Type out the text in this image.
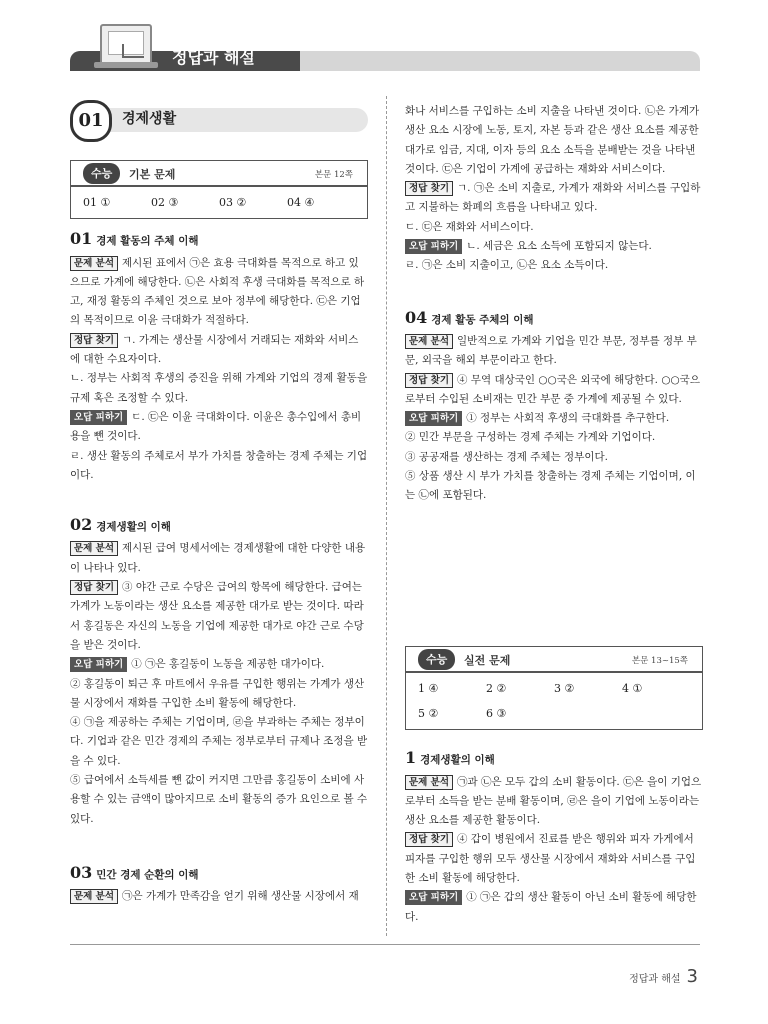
정답과 해설
01	경제생활
수능	기본 문제	본문 12쪽
01 ①	02 ③	03 ②	04 ④
01 경제 활동의 주체 이해

문제 분석 제시된 표에서 ㉠은 효용 극대화를 목적으로 하고 있으므로 가계에 해당한다. ㉡은 사회적 후생 극대화를 목적으로 하고, 재정 활동의 주체인 것으로 보아 정부에 해당한다. ㉢은 기업의 목적이므로 이윤 극대화가 적절하다.

정답 찾기 ㄱ. 가계는 생산물 시장에서 거래되는 재화와 서비스에 대한 수요자이다.

ㄴ. 정부는 사회적 후생의 증진을 위해 가계와 기업의 경제 활동을 규제 혹은 조정할 수 있다.

오답 피하기 ㄷ. ㉢은 이윤 극대화이다. 이윤은 총수입에서 총비용을 뺀 것이다.

ㄹ. 생산 활동의 주체로서 부가 가치를 창출하는 경제 주체는 기업이다.

02 경제생활의 이해

문제 분석 제시된 급여 명세서에는 경제생활에 대한 다양한 내용이 나타나 있다.

정답 찾기 ③ 야간 근로 수당은 급여의 항목에 해당한다. 급여는 가계가 노동이라는 생산 요소를 제공한 대가로 받는 것이다. 따라서 홍길동은 자신의 노동을 기업에 제공한 대가로 야간 근로 수당을 받은 것이다.

오답 피하기 ① ㉠은 홍길동이 노동을 제공한 대가이다.

② 홍길동이 퇴근 후 마트에서 우유를 구입한 행위는 가계가 생산물 시장에서 재화를 구입한 소비 활동에 해당한다.

④ ㉠을 제공하는 주체는 기업이며, ㉣을 부과하는 주체는 정부이다. 기업과 같은 민간 경제의 주체는 정부로부터 규제나 조정을 받을 수 있다.

⑤ 급여에서 소득세를 뺀 값이 커지면 그만큼 홍길동이 소비에 사용할 수 있는 금액이 많아지므로 소비 활동의 증가 요인으로 볼 수 있다.

03 민간 경제 순환의 이해

문제 분석 ㉠은 가계가 만족감을 얻기 위해 생산물 시장에서 재

화나 서비스를 구입하는 소비 지출을 나타낸 것이다. ㉡은 가계가 생산 요소 시장에 노동, 토지, 자본 등과 같은 생산 요소를 제공한 대가로 임금, 지대, 이자 등의 요소 소득을 분배받는 것을 나타낸 것이다. ㉢은 기업이 가계에 공급하는 재화와 서비스이다.

정답 찾기 ㄱ. ㉠은 소비 지출로, 가계가 재화와 서비스를 구입하고 지불하는 화폐의 흐름을 나타내고 있다.

ㄷ. ㉢은 재화와 서비스이다.

오답 피하기 ㄴ. 세금은 요소 소득에 포함되지 않는다.

ㄹ. ㉠은 소비 지출이고, ㉡은 요소 소득이다.

04 경제 활동 주체의 이해

문제 분석 일반적으로 가계와 기업을 민간 부문, 정부를 정부 부문, 외국을 해외 부문이라고 한다.

정답 찾기 ④ 무역 대상국인 ○○국은 외국에 해당한다. ○○국으로부터 수입된 소비재는 민간 부문 중 가계에 제공될 수 있다.

오답 피하기 ① 정부는 사회적 후생의 극대화를 추구한다.

② 민간 부문을 구성하는 경제 주체는 가계와 기업이다.

③ 공공재를 생산하는 경제 주체는 정부이다.

⑤ 상품 생산 시 부가 가치를 창출하는 경제 주체는 기업이며, 이는 ㉡에 포함된다.

수능	실전 문제	본문 13~15쪽
1 ④	2 ②	3 ②	4 ①
5 ②	6 ③
1 경제생활의 이해

문제 분석 ㉠과 ㉡은 모두 갑의 소비 활동이다. ㉢은 을이 기업으로부터 소득을 받는 분배 활동이며, ㉣은 을이 기업에 노동이라는 생산 요소를 제공한 활동이다.

정답 찾기 ④ 갑이 병원에서 진료를 받은 행위와 피자 가게에서 피자를 구입한 행위 모두 생산물 시장에서 재화와 서비스를 구입한 소비 활동에 해당한다.

오답 피하기 ① ㉠은 갑의 생산 활동이 아닌 소비 활동에 해당한다.

정답과 해설 3
